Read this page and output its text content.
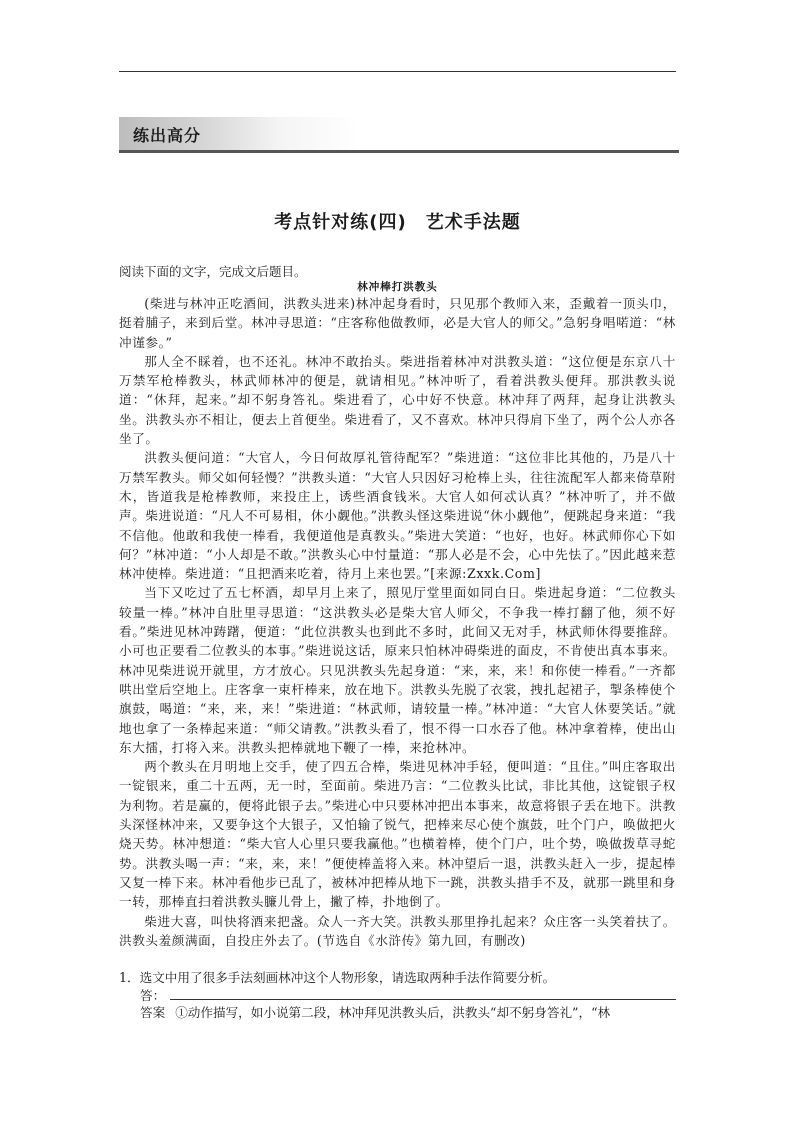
练出高分
考点针对练(四)　艺术手法题
阅读下面的文字，完成文后题目。
林冲棒打洪教头

(柴进与林冲正吃酒间，洪教头进来)林冲起身看时，只见那个教师入来，歪戴着一顶头巾，挺着脯子，来到后堂。林冲寻思道：“庄客称他做教师，必是大官人的师父。”急躬身唱喏道：“林冲谨参。”

那人全不睬着，也不还礼。林冲不敢抬头。柴进指着林冲对洪教头道：“这位便是东京八十万禁军枪棒教头，林武师林冲的便是，就请相见。”林冲听了，看着洪教头便拜。那洪教头说道：“休拜，起来。”却不躬身答礼。柴进看了，心中好不快意。林冲拜了两拜，起身让洪教头坐。洪教头亦不相让，便去上首便坐。柴进看了，又不喜欢。林冲只得肩下坐了，两个公人亦各坐了。

洪教头便问道：“大官人，今日何故厚礼管待配军？”柴进道：“这位非比其他的，乃是八十万禁军教头。师父如何轻慢？”洪教头道：“大官人只因好习枪棒上头，往往流配军人都来倚草附木，皆道我是枪棒教师，来投庄上，诱些酒食钱米。大官人如何忒认真？”林冲听了，并不做声。柴进说道：“凡人不可易相，休小觑他。”洪教头怪这柴进说“休小觑他”，便跳起身来道：“我不信他。他敢和我使一棒看，我便道他是真教头。”柴进大笑道：“也好，也好。林武师你心下如何？”林冲道：“小人却是不敢。”洪教头心中忖量道：“那人必是不会，心中先怯了。”因此越来惹林冲使棒。柴进道：“且把酒来吃着，待月上来也罢。”[来源:Zxxk.Com]

当下又吃过了五七杯酒，却早月上来了，照见厅堂里面如同白日。柴进起身道：“二位教头较量一棒。”林冲自肚里寻思道：“这洪教头必是柴大官人师父，不争我一棒打翻了他，须不好看。”柴进见林冲踌躇，便道：“此位洪教头也到此不多时，此间又无对手，林武师休得要推辞。小可也正要看二位教头的本事。”柴进说这话，原来只怕林冲碍柴进的面皮，不肯使出真本事来。林冲见柴进说开就里，方才放心。只见洪教头先起身道：“来，来，来！和你使一棒看。”一齐都哄出堂后空地上。庄客拿一束杆棒来，放在地下。洪教头先脱了衣裳，拽扎起裙子，掣条棒使个旗鼓，喝道：“来，来，来！”柴进道：“林武师，请较量一棒。”林冲道：“大官人休要笑话。”就地也拿了一条棒起来道：“师父请教。”洪教头看了，恨不得一口水吞了他。林冲拿着棒，使出山东大擂，打将入来。洪教头把棒就地下鞭了一棒，来抢林冲。

两个教头在月明地上交手，使了四五合棒，柴进见林冲手轻，便叫道：“且住。”叫庄客取出一锭银来，重二十五两，无一时，至面前。柴进乃言：“二位教头比试，非比其他，这锭银子权为利物。若是赢的，便将此银子去。”柴进心中只要林冲把出本事来，故意将银子丢在地下。洪教头深怪林冲来，又要争这个大银子，又怕输了锐气，把棒来尽心使个旗鼓，吐个门户，唤做把火烧天势。林冲想道：“柴大官人心里只要我赢他。”也横着棒，使个门户，吐个势，唤做拨草寻蛇势。洪教头喝一声：“来，来，来！”便使棒盖将入来。林冲望后一退，洪教头赶入一步，提起棒又复一棒下来。林冲看他步已乱了，被林冲把棒从地下一跳，洪教头措手不及，就那一跳里和身一转，那棒直扫着洪教头臁儿骨上，撇了棒，扑地倒了。

柴进大喜，叫快将酒来把盏。众人一齐大笑。洪教头那里挣扎起来？众庄客一头笑着扶了。洪教头羞颜满面，自投庄外去了。(节选自《水浒传》第九回，有删改)

1．选文中用了很多手法刻画林冲这个人物形象，请选取两种手法作简要分析。
答：
答案 ①动作描写，如小说第二段，林冲拜见洪教头后，洪教头“却不躬身答礼”，“林
